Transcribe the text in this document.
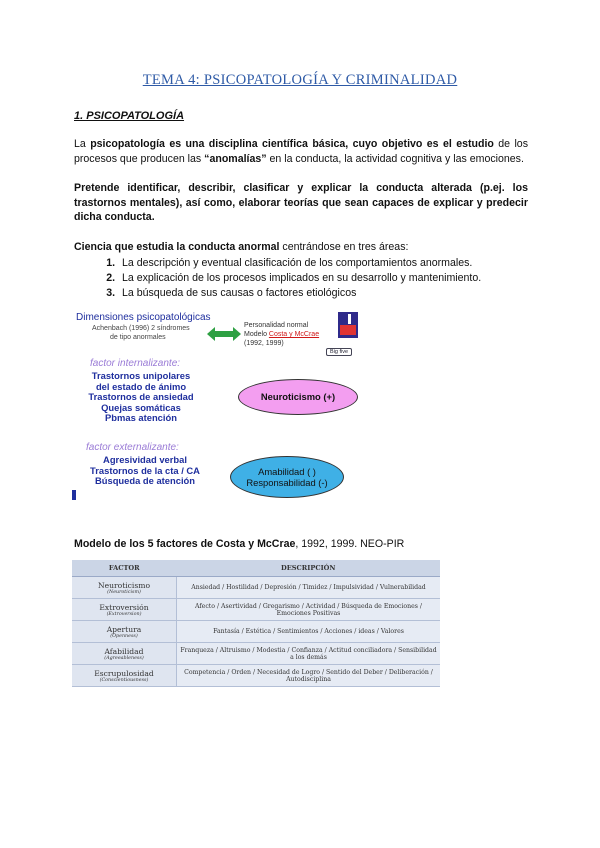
TEMA 4: PSICOPATOLOGÍA Y CRIMINALIDAD
1. PSICOPATOLOGÍA
La psicopatología es una disciplina científica básica, cuyo objetivo es el estudio de los procesos que producen las “anomalías” en la conducta, la actividad cognitiva y las emociones.
Pretende identificar, describir, clasificar y explicar la conducta alterada (p.ej. los trastornos mentales), así como, elaborar teorías que sean capaces de explicar y predecir dicha conducta.
Ciencia que estudia la conducta anormal centrándose en tres áreas:
1. La descripción y eventual clasificación de los comportamientos anormales.
2. La explicación de los procesos implicados en su desarrollo y mantenimiento.
3. La búsqueda de sus causas o factores etiológicos
Dimensiones psicopatológicas
Achenbach (1996) 2 síndromes
de tipo anormales
Personalidad normal
Modelo Costa y McCrae
(1992, 1999)
Big five
factor internalizante:
Trastornos unipolares
del estado de ánimo
Trastornos de ansiedad
Quejas somáticas
Pbmas atención
Neuroticismo (+)
factor externalizante:
Agresividad verbal
Trastornos de la cta / CA
Búsqueda de atención
Amabilidad ( )
Responsabilidad (-)
Modelo de los 5 factores de Costa y McCrae, 1992, 1999. NEO-PIR
FACTOR	DESCRIPCIÓN

Neuroticismo
(Neuroticism)	Ansiedad / Hostilidad / Depresión / Timidez / Impulsividad / Vulnerabilidad

Extroversión
(Extroversion)	Afecto / Asertividad / Gregarismo / Actividad / Búsqueda de Emociones / Emociones Positivas

Apertura
(Openness)	Fantasía / Estética / Sentimientos / Acciones / ideas / Valores

Afabilidad
(Agreeableness)	Franqueza / Altruismo / Modestia / Confianza / Actitud conciliadora / Sensibilidad a los demás

Escrupulosidad
(Conscientiousness)	Competencia / Orden / Necesidad de Logro / Sentido del Deber / Deliberación / Autodisciplina
